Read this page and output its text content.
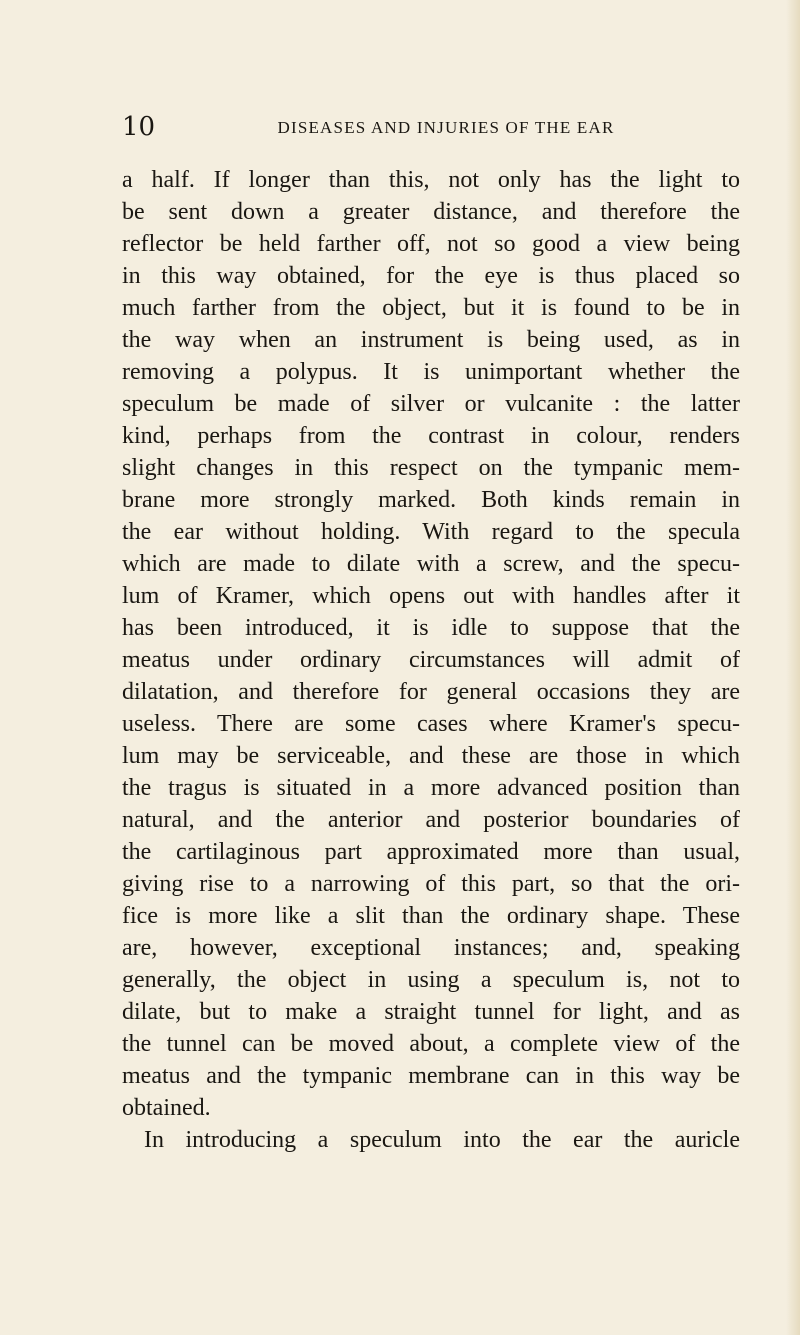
10	DISEASES AND INJURIES OF THE EAR
a half. If longer than this, not only has the light to
be sent down a greater distance, and therefore the
reflector be held farther off, not so good a view being
in this way obtained, for the eye is thus placed so
much farther from the object, but it is found to be in
the way when an instrument is being used, as in
removing a polypus. It is unimportant whether the
speculum be made of silver or vulcanite : the latter
kind, perhaps from the contrast in colour, renders
slight changes in this respect on the tympanic mem-
brane more strongly marked. Both kinds remain in
the ear without holding. With regard to the specula
which are made to dilate with a screw, and the specu-
lum of Kramer, which opens out with handles after it
has been introduced, it is idle to suppose that the
meatus under ordinary circumstances will admit of
dilatation, and therefore for general occasions they are
useless. There are some cases where Kramer's specu-
lum may be serviceable, and these are those in which
the tragus is situated in a more advanced position than
natural, and the anterior and posterior boundaries of
the cartilaginous part approximated more than usual,
giving rise to a narrowing of this part, so that the ori-
fice is more like a slit than the ordinary shape. These
are, however, exceptional instances; and, speaking
generally, the object in using a speculum is, not to
dilate, but to make a straight tunnel for light, and as
the tunnel can be moved about, a complete view of the
meatus and the tympanic membrane can in this way be
obtained.
In introducing a speculum into the ear the auricle
